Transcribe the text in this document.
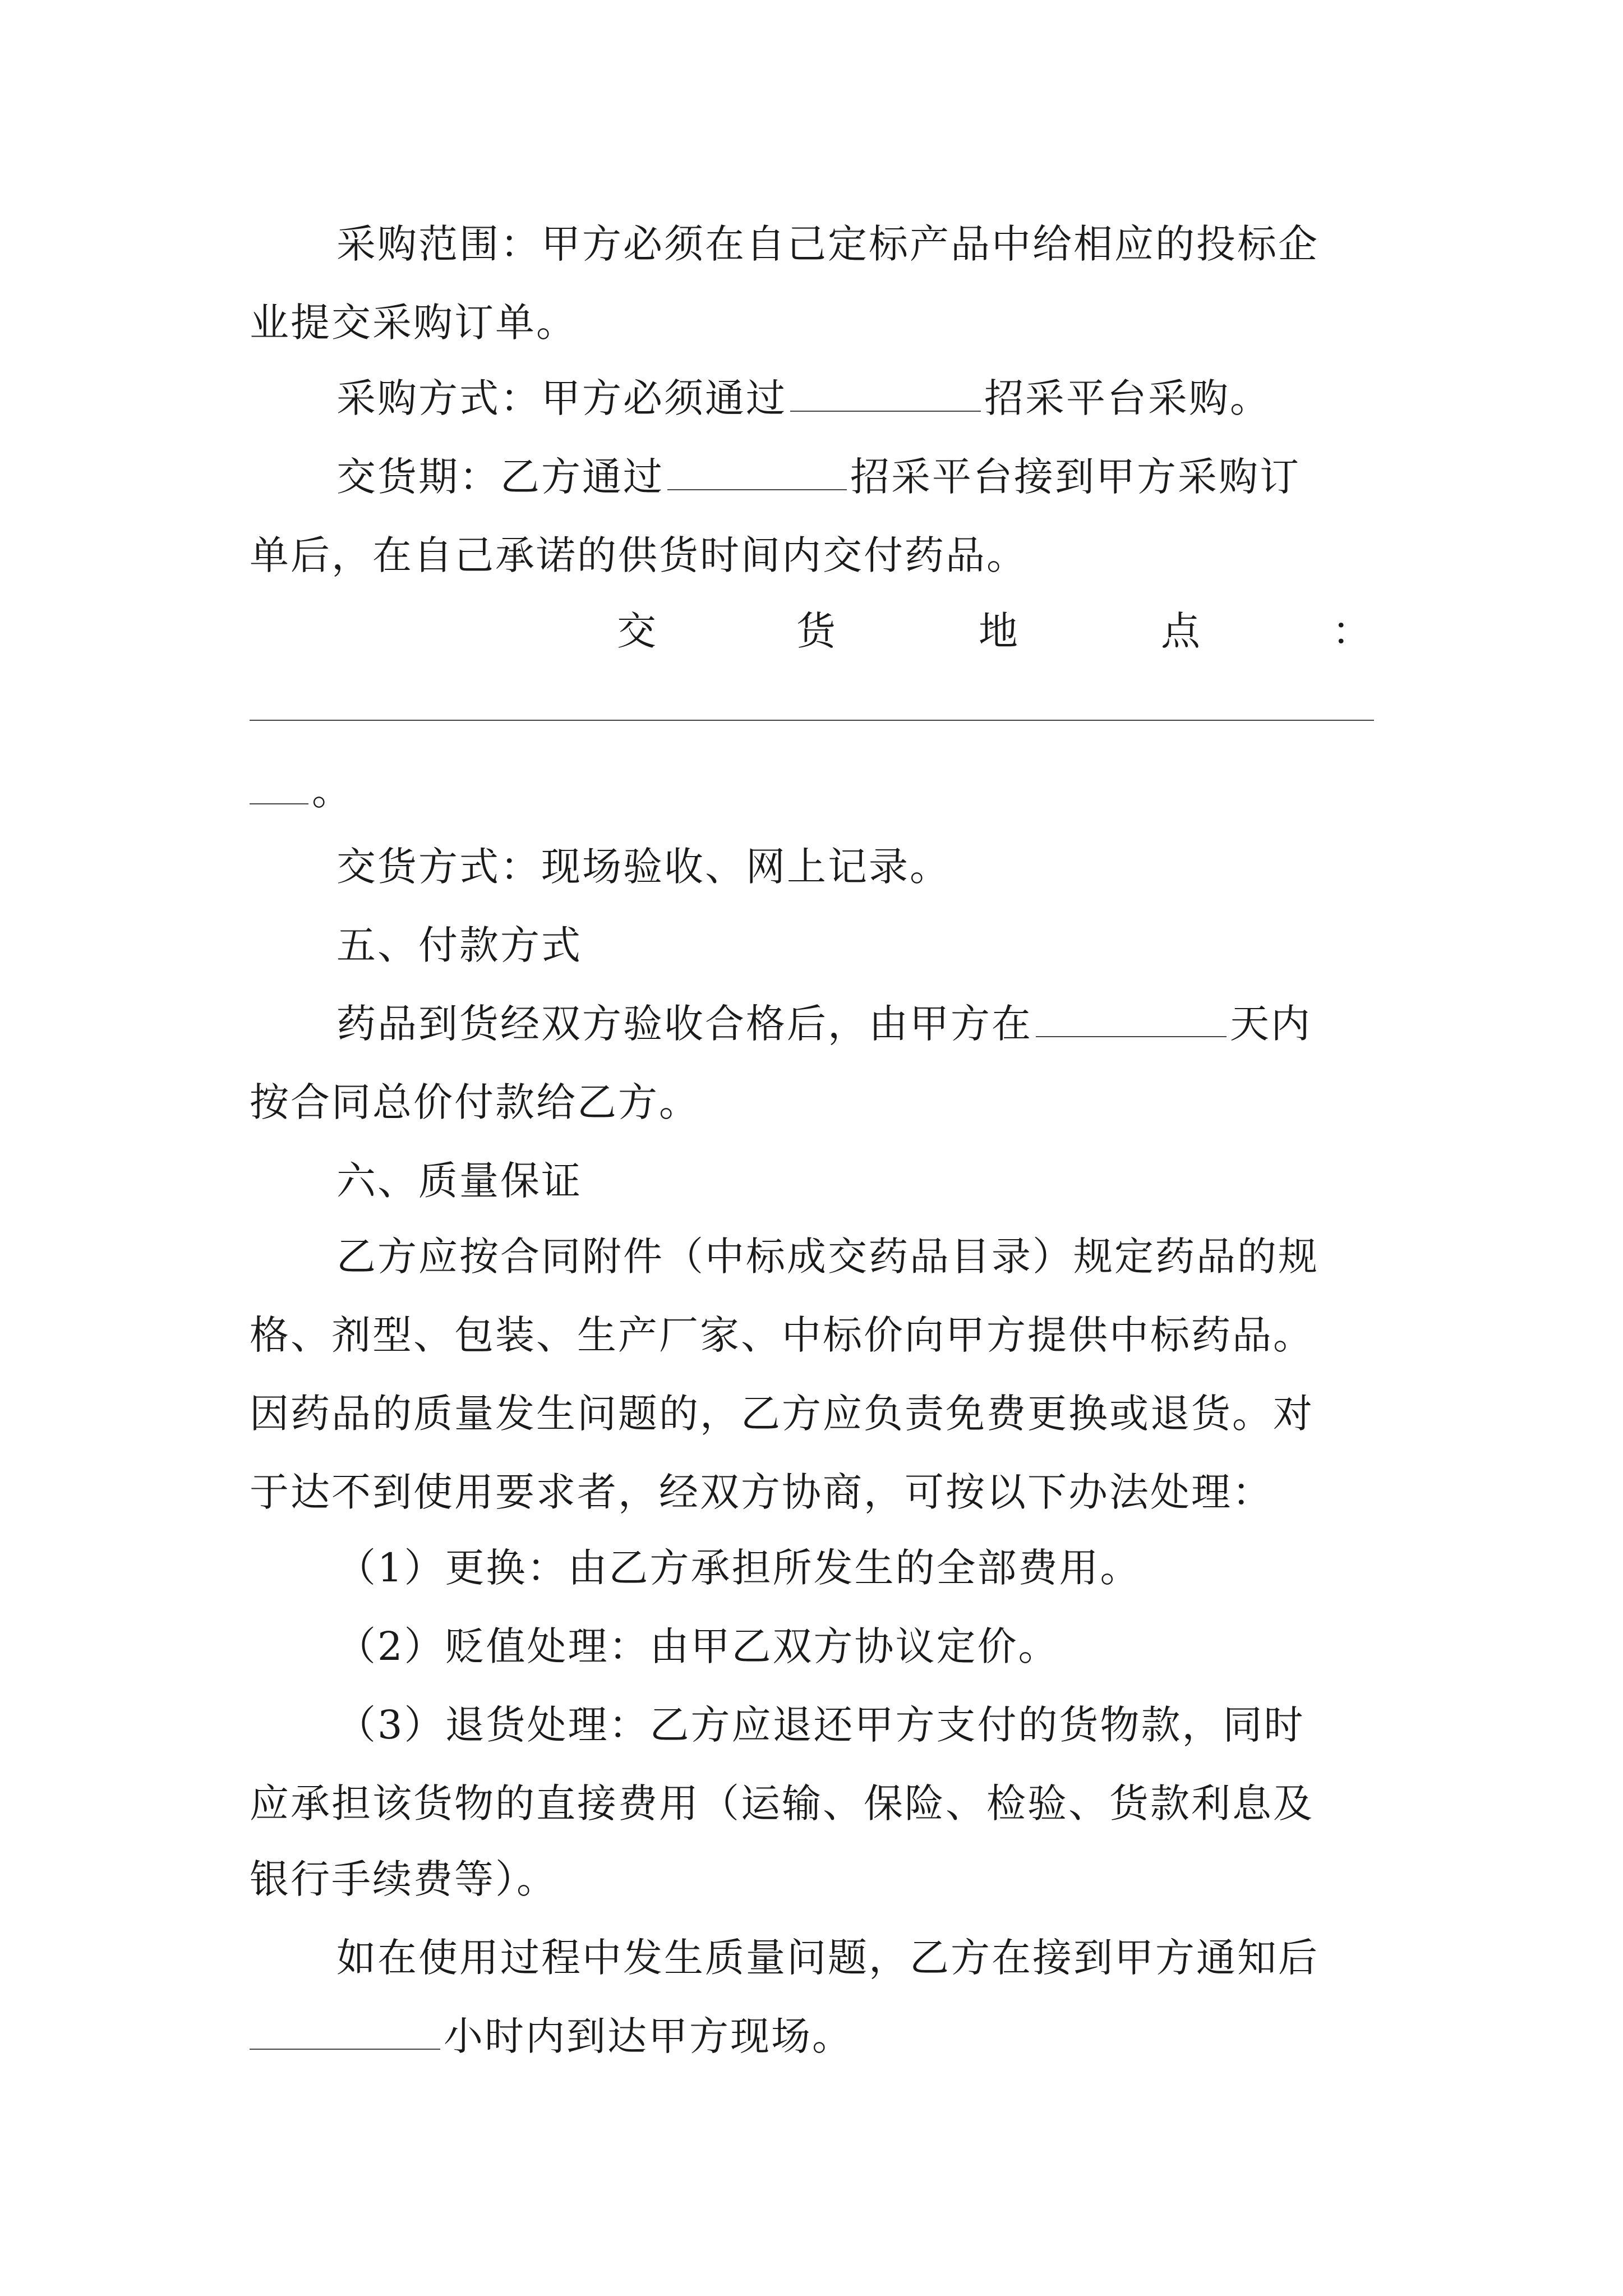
采购范围：甲方必须在自己定标产品中给相应的投标企
业提交采购订单。
采购方式：甲方必须通过	招采平台采购。
交货期：乙方通过	招采平台接到甲方采购订
单后，在自己承诺的供货时间内交付药品。
交	货	地	点	：
。
交货方式：现场验收、网上记录。
五、付款方式
药品到货经双方验收合格后，由甲方在	天内
按合同总价付款给乙方。
六、质量保证
乙方应按合同附件（中标成交药品目录）规定药品的规
格、剂型、包装、生产厂家、中标价向甲方提供中标药品。
因药品的质量发生问题的，乙方应负责免费更换或退货。对
于达不到使用要求者，经双方协商，可按以下办法处理：
（1）更换：由乙方承担所发生的全部费用。
（2）贬值处理：由甲乙双方协议定价。
（3）退货处理：乙方应退还甲方支付的货物款，同时
应承担该货物的直接费用（运输、保险、检验、货款利息及
银行手续费等）。
如在使用过程中发生质量问题，乙方在接到甲方通知后
小时内到达甲方现场。
